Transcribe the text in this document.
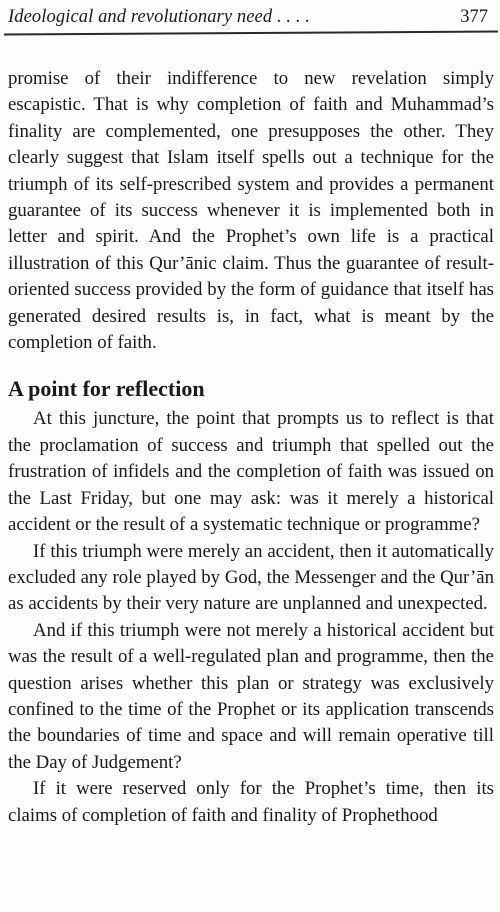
Ideological and revolutionary need . . . .	377

promise of their indifference to new revelation simply escapistic. That is why completion of faith and Muhammad’s finality are complemented, one presupposes the other. They clearly suggest that Islam itself spells out a technique for the triumph of its self-prescribed system and provides a permanent guarantee of its success whenever it is implemented both in letter and spirit. And the Prophet’s own life is a practical illustration of this Qur’ānic claim. Thus the guarantee of result-oriented success provided by the form of guidance that itself has generated desired results is, in fact, what is meant by the completion of faith.

A point for reflection

At this juncture, the point that prompts us to reflect is that the proclamation of success and triumph that spelled out the frustration of infidels and the completion of faith was issued on the Last Friday, but one may ask: was it merely a historical accident or the result of a systematic technique or programme?

If this triumph were merely an accident, then it automatically excluded any role played by God, the Messenger and the Qur’ān as accidents by their very nature are unplanned and unexpected.

And if this triumph were not merely a historical accident but was the result of a well-regulated plan and programme, then the question arises whether this plan or strategy was exclusively confined to the time of the Prophet or its application transcends the boundaries of time and space and will remain operative till the Day of Judgement?

If it were reserved only for the Prophet’s time, then its claims of completion of faith and finality of Prophethood
